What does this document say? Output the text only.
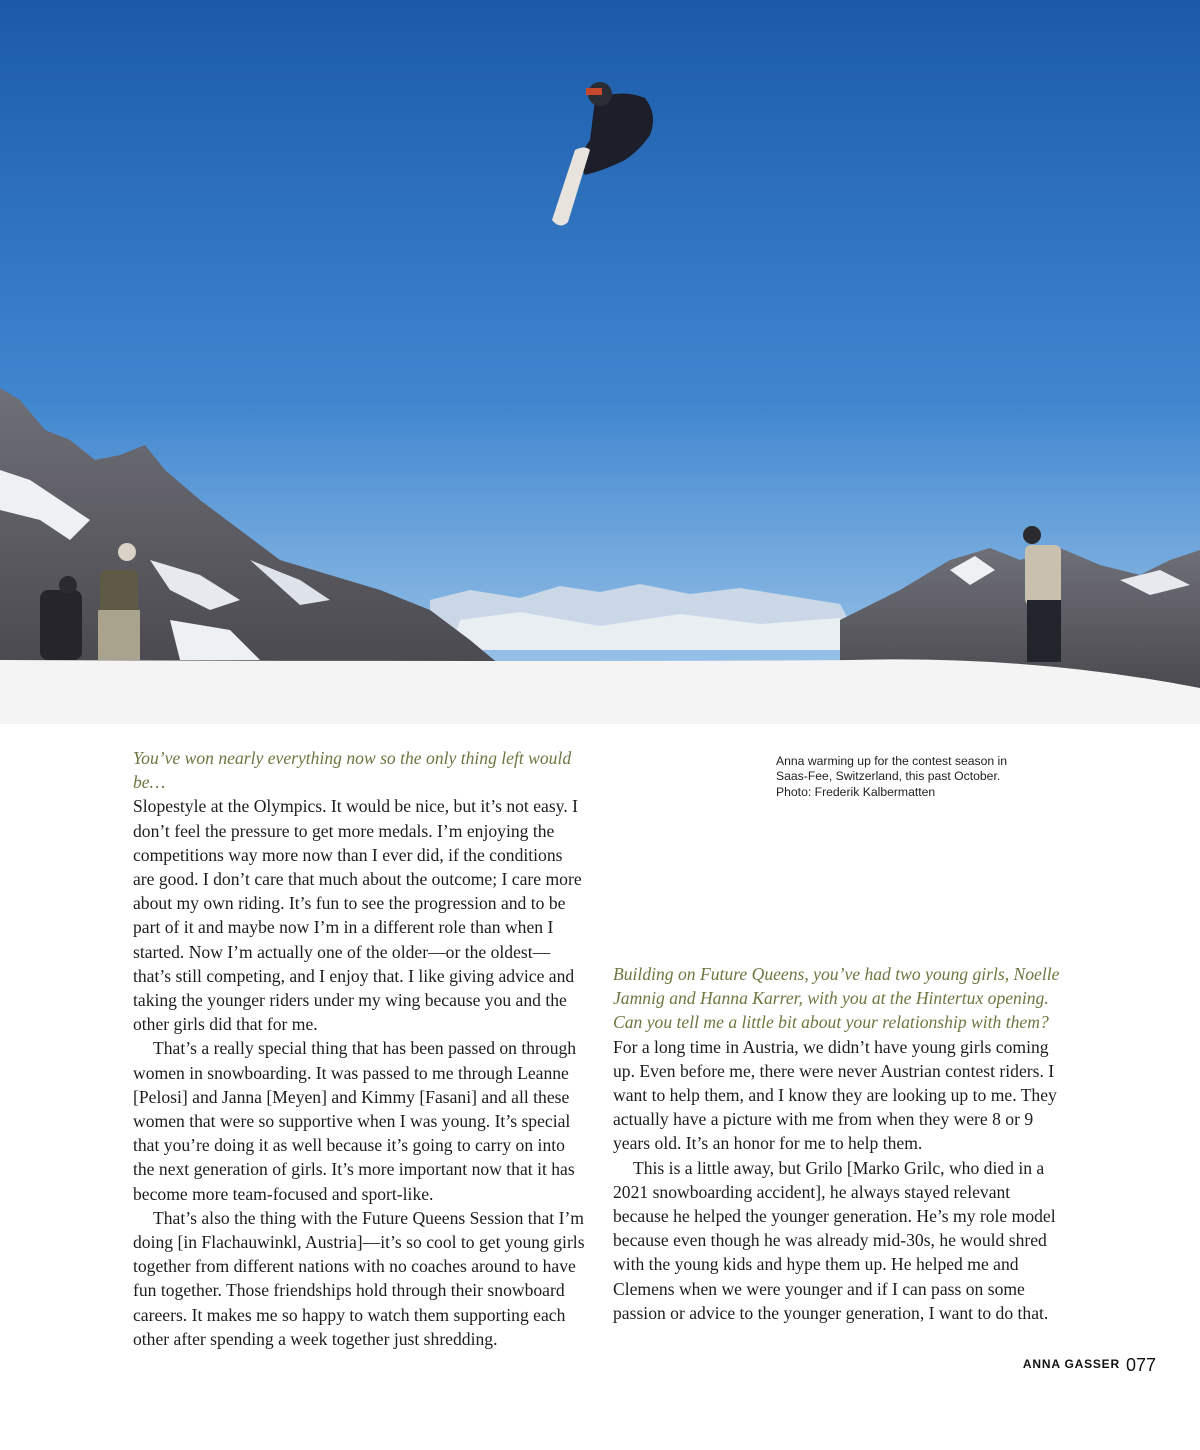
You’ve won nearly everything now so the only thing left would be…

Slopestyle at the Olympics. It would be nice, but it’s not easy. I don’t feel the pressure to get more medals. I’m enjoying the competitions way more now than I ever did, if the conditions are good. I don’t care that much about the outcome; I care more about my own riding. It’s fun to see the progression and to be part of it and maybe now I’m in a different role than when I started. Now I’m actually one of the older—or the oldest—that’s still competing, and I enjoy that. I like giving advice and taking the younger riders under my wing because you and the other girls did that for me.

That’s a really special thing that has been passed on through women in snowboarding. It was passed to me through Leanne [Pelosi] and Janna [Meyen] and Kimmy [Fasani] and all these women that were so supportive when I was young. It’s special that you’re doing it as well because it’s going to carry on into the next generation of girls. It’s more important now that it has become more team-focused and sport-like.

That’s also the thing with the Future Queens Session that I’m doing [in Flachauwinkl, Austria]—it’s so cool to get young girls together from different nations with no coaches around to have fun together. Those friendships hold through their snowboard careers. It makes me so happy to watch them supporting each other after spending a week together just shredding.

Anna warming up for the contest season in
Saas-Fee, Switzerland, this past October.
Photo: Frederik Kalbermatten

Building on Future Queens, you’ve had two young girls, Noelle Jamnig and Hanna Karrer, with you at the Hintertux opening. Can you tell me a little bit about your relationship with them?

For a long time in Austria, we didn’t have young girls coming up. Even before me, there were never Austrian contest riders. I want to help them, and I know they are looking up to me. They actually have a picture with me from when they were 8 or 9 years old. It’s an honor for me to help them.

This is a little away, but Grilo [Marko Grilc, who died in a 2021 snowboarding accident], he always stayed relevant because he helped the younger generation. He’s my role model because even though he was already mid-30s, he would shred with the young kids and hype them up. He helped me and Clemens when we were younger and if I can pass on some passion or advice to the younger generation, I want to do that.

ANNA GASSER 077
